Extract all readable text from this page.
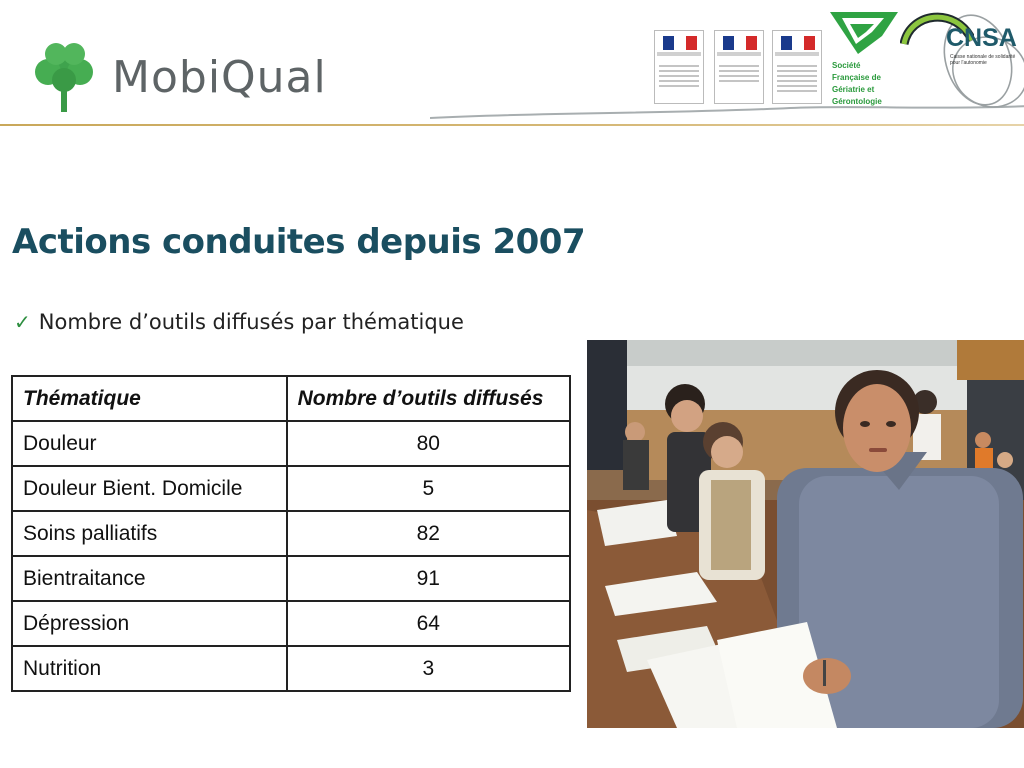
MobiQual	Société
Française de
Gériatrie et
Gérontologie
CNSA
Caisse nationale de solidarité pour l'autonomie
Actions conduites depuis 2007
✓ Nombre d’outils diffusés par thématique
Thématique	Nombre d’outils diffusés
Douleur	80
Douleur Bient. Domicile	5
Soins palliatifs	82
Bientraitance	91
Dépression	64
Nutrition	3
